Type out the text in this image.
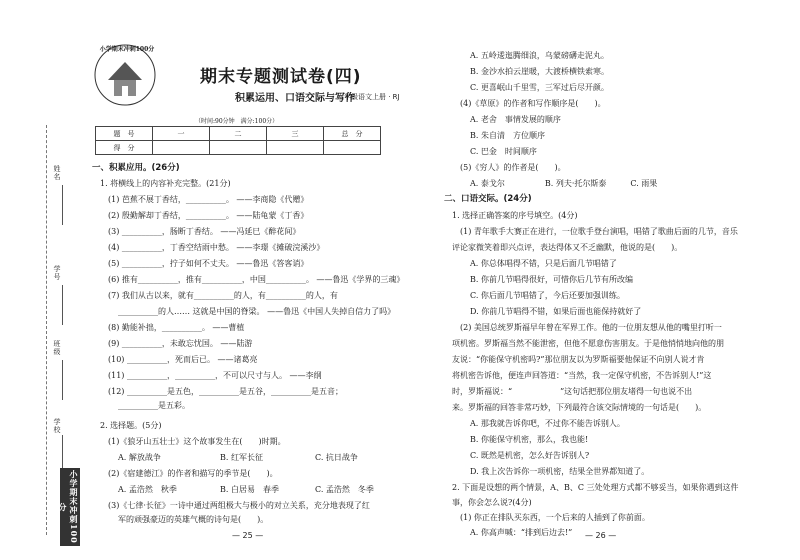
姓名
学号
班级
学校
小学期末冲刺100分
小学期末冲刺100分
期末专题测试卷(四)
积累运用、口语交际与写作
六年级语文上册 · RJ
（时间:90分钟　满分:100分）
题　号	一	二	三	总　分
得　分				
一、积累应用。(26分)
1. 将横线上的内容补充完整。(21分)
(1) 芭蕉不展丁香结，__________。 ——李商隐《代赠》
(2) 殷勤解却丁香结，__________。 ——陆龟蒙《丁香》
(3) __________，肠断丁香结。 ——冯延巳《醉花间》
(4) __________，丁香空结雨中愁。 ——李璟《摊破浣溪沙》
(5) __________，拧子如何不丈夫。 ——鲁迅《答客诮》
(6) 推有__________，推有__________，中国__________。 ——鲁迅《学界的三魂》
(7) 我们从古以来，就有__________的人，有__________的人，有
__________的人…… 这就是中国的脊梁。 ——鲁迅《中国人失掉自信力了吗》
(8) 勤能补拙，__________。 ——曹植
(9) __________，未敢忘忧国。 ——陆游
(10) __________，死而后已。 ——诸葛亮
(11) __________，__________，不可以尺寸与人。 ——李纲
(12) __________是五色，__________是五谷，__________是五音；
__________是五彩。
2. 选择题。(5分)
(1)《狼牙山五壮士》这个故事发生在(　　)时期。
A. 解放战争	B. 红军长征	C. 抗日战争
(2)《宿建德江》的作者和描写的季节是(　　)。
A. 孟浩然　秋季	B. 白居易　春季	C. 孟浩然　冬季
(3)《七律·长征》一诗中通过两组极大与极小的对立关系，充分地表现了红
军的顽强豪迈的英雄气概的诗句是(　　)。
— 25 —
A. 五岭逶迤腾细浪，乌蒙磅礴走泥丸。
B. 金沙水拍云崖暖，大渡桥横铁索寒。
C. 更喜岷山千里雪，三军过后尽开颜。
(4)《草原》的作者和写作顺序是(　　)。
A. 老舍　事情发展的顺序
B. 朱自清　方位顺序
C. 巴金　时间顺序
(5)《穷人》的作者是(　　)。
A. 泰戈尔　　　　　B. 列夫·托尔斯泰　　　C. 雨果
二、口语交际。(24分)
1. 选择正确答案的序号填空。(4分)
(1) 青年歌手大赛正在进行，一位歌手登台演唱，唱错了歌曲后面的几节，音乐
评论家微笑着即兴点评，表达得体又不乏幽默，他说的是(　　)。
A. 你总体唱得不错，只是后面几节唱错了
B. 你前几节唱得很好，可惜你后几节有所改编
C. 你后面几节唱错了，今后还要加强训练。
D. 你前几节唱得不错，如果后面也能保持就好了
(2) 美国总统罗斯福早年曾在军界工作。他的一位朋友想从他的嘴里打听一
项机密。罗斯福当然不能泄密，但他不愿意伤害朋友。于是他悄悄地向他的朋
友说：“你能保守机密吗?”那位朋友以为罗斯福要他保证不向别人说才肯
将机密告诉他，便连声回答道：“当然，我一定保守机密，不告诉别人!”这
时，罗斯福说：“　　　　　　”这句话把那位朋友堵得一句也说不出
来。罗斯福的回答非常巧妙，下列最符合该交际情境的一句话是(　　)。
A. 那我就告诉你吧，不过你不能告诉别人。
B. 你能保守机密，那么，我也能!
C. 既然是机密，怎么好告诉别人?
D. 我上次告诉你一项机密，结果全世界都知道了。
2. 下面是设想的两个情景，A、B、C 三处处理方式都不够妥当，如果你遇到这件
事，你会怎么说?(4分)
(1) 你正在排队买东西，一个后来的人插到了你前面。
A. 你高声喊：“排到后边去!” — 26 —
